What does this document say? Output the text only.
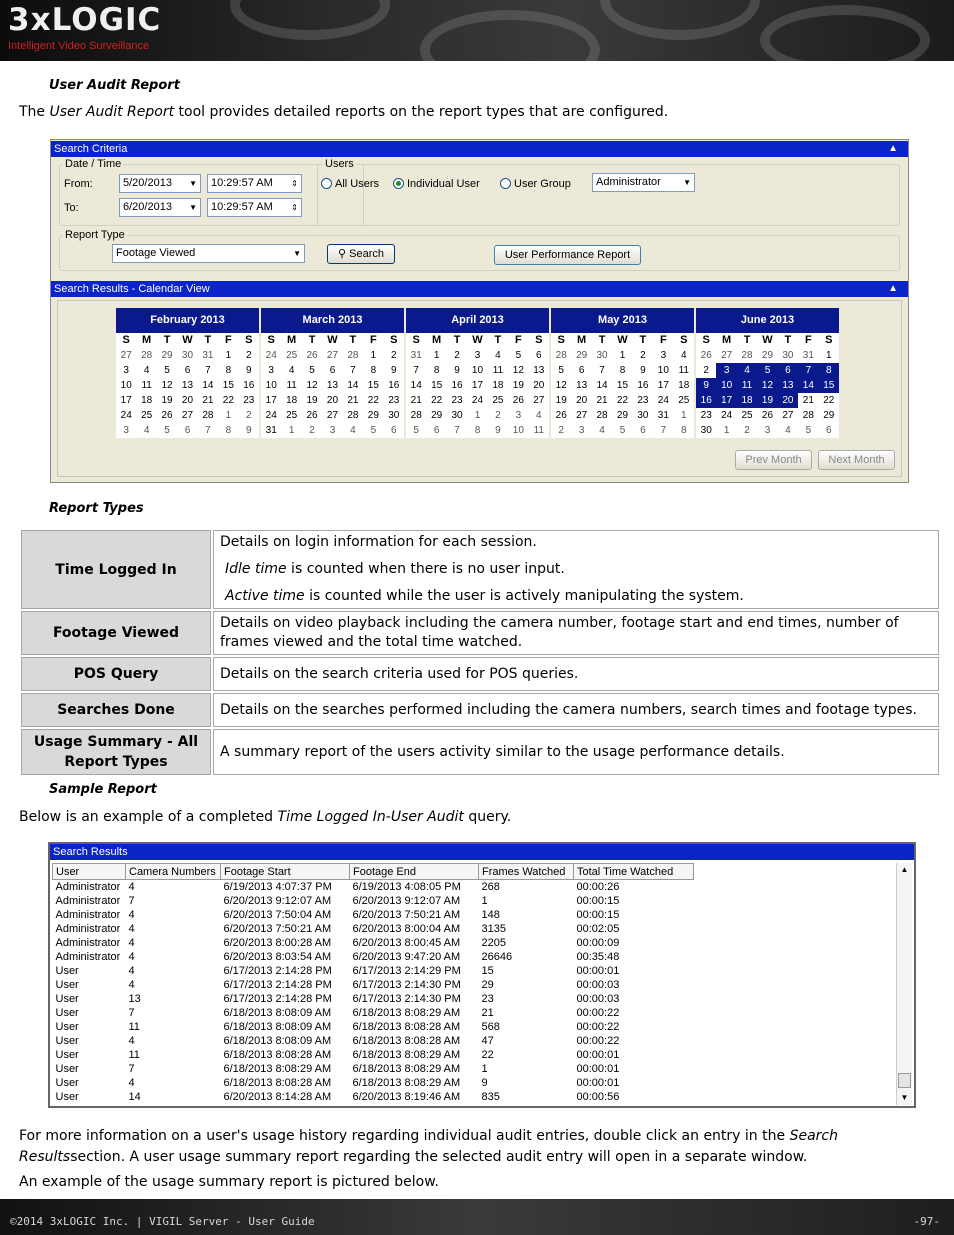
3xLOGIC
Intelligent Video Surveillance
User Audit Report
The User Audit Report tool provides detailed reports on the report types that are configured.
Search Criteria	▲
Date / Time
From:	5/20/2013 ▼	10:29:57 AM ⇕
To:	6/20/2013 ▼	10:29:57 AM ⇕
Users
All Users	Individual User	User Group	Administrator	▼
Report Type
Footage Viewed	▼	⚲ Search	User Performance Report
Search Results - Calendar View	▲
February 2013
S	M	T	W	T	F	S
27 28 29 30 31	1	2
3	4	5	6	7	8	9
10 11 12 13 14 15 16
17 18 19 20 21 22 23
24 25 26 27 28	1	2
3	4	5	6	7	8	9
March 2013
S	M	T	W	T	F	S
24 25 26 27 28	1	2
3	4	5	6	7	8	9
10 11 12 13 14 15 16
17 18 19 20 21 22 23
24 25 26 27 28 29 30
31	1	2	3	4	5	6
April 2013
S	M	T	W	T	F	S
31	1	2	3	4	5	6
7	8	9	10 11 12 13
14 15 16 17 18 19 20
21 22 23 24 25 26 27
28 29 30	1	2	3	4
5	6	7	8	9	10 11
May 2013
S	M	T	W	T	F	S
28 29 30	1	2	3	4
5	6	7	8	9	10 11
12 13 14 15 16 17 18
19 20 21 22 23 24 25
26 27 28 29 30 31	1
2	3	4	5	6	7	8
June 2013
S	M	T	W	T	F	S
26 27 28 29 30 31	1
2	3	4	5	6	7	8
9	10 11 12 13 14 15
16 17 18 19 20 21 22
23 24 25 26 27 28 29
30	1	2	3	4	5	6
Prev Month	Next Month
Report Types
Time Logged In	Details on login information for each session.
Idle time is counted when there is no user input.
Active time is counted while the user is actively manipulating the system.

Footage Viewed	Details on video playback including the camera number, footage start and end times, number of frames viewed and the total time watched.
POS Query	Details on the search criteria used for POS queries.
Searches Done	Details on the searches performed including the camera numbers, search times and footage types.
Usage Summary - All Report Types	A summary report of the users activity similar to the usage performance details.
Sample Report
Below is an example of a completed Time Logged In-User Audit query.
Search Results
User	Camera Numbers	Footage Start	Footage End	Frames Watched	Total Time Watched
Administrator	4	6/19/2013 4:07:37 PM	6/19/2013 4:08:05 PM	268	00:00:26
Administrator	7	6/20/2013 9:12:07 AM	6/20/2013 9:12:07 AM	1	00:00:15
Administrator	4	6/20/2013 7:50:04 AM	6/20/2013 7:50:21 AM	148	00:00:15
Administrator	4	6/20/2013 7:50:21 AM	6/20/2013 8:00:04 AM	3135	00:02:05
Administrator	4	6/20/2013 8:00:28 AM	6/20/2013 8:00:45 AM	2205	00:00:09
Administrator	4	6/20/2013 8:03:54 AM	6/20/2013 9:47:20 AM	26646	00:35:48
User	4	6/17/2013 2:14:28 PM	6/17/2013 2:14:29 PM	15	00:00:01
User	4	6/17/2013 2:14:28 PM	6/17/2013 2:14:30 PM	29	00:00:03
User	13	6/17/2013 2:14:28 PM	6/17/2013 2:14:30 PM	23	00:00:03
User	7	6/18/2013 8:08:09 AM	6/18/2013 8:08:29 AM	21	00:00:22
User	11	6/18/2013 8:08:09 AM	6/18/2013 8:08:28 AM	568	00:00:22
User	4	6/18/2013 8:08:09 AM	6/18/2013 8:08:28 AM	47	00:00:22
User	11	6/18/2013 8:08:28 AM	6/18/2013 8:08:29 AM	22	00:00:01
User	7	6/18/2013 8:08:29 AM	6/18/2013 8:08:29 AM	1	00:00:01
User	4	6/18/2013 8:08:28 AM	6/18/2013 8:08:29 AM	9	00:00:01
User	14	6/20/2013 8:14:28 AM	6/20/2013 8:19:46 AM	835	00:00:56
▲
▼
For more information on a user's usage history regarding individual audit entries, double click an entry in the Search Resultssection. A user usage summary report regarding the selected audit entry will open in a separate window.
An example of the usage summary report is pictured below.
©2014 3xLOGIC Inc. | VIGIL Server - User Guide	-97-
